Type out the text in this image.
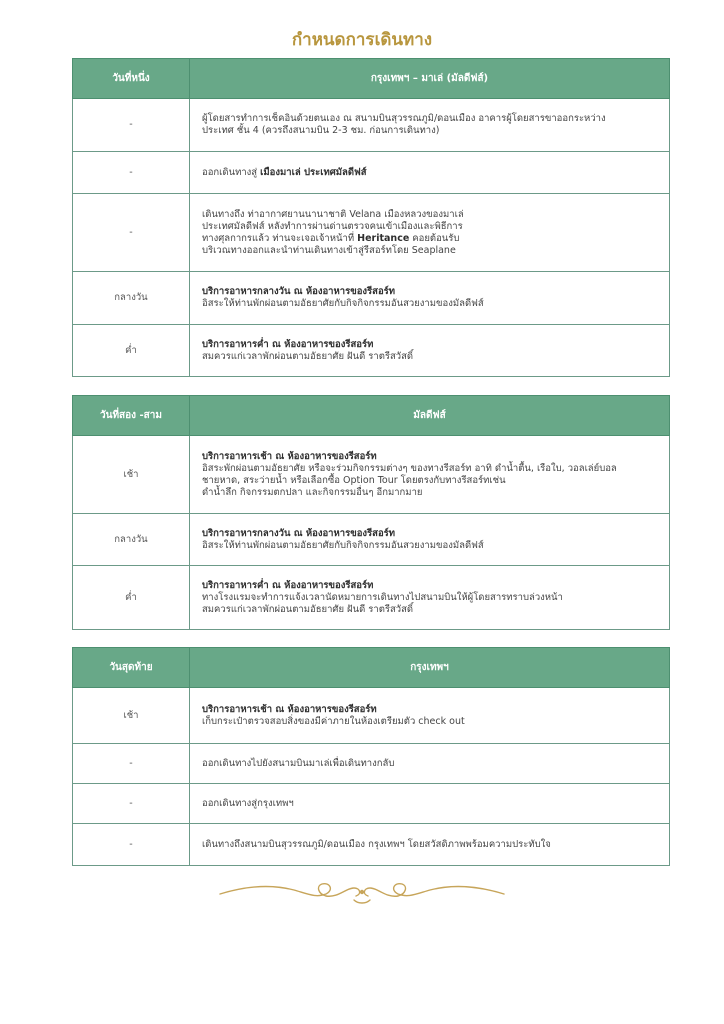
กำหนดการเดินทาง
วันที่หนึ่ง	กรุงเทพฯ – มาเล่ (มัลดีฟส์)
-	ผู้โดยสารทำการเช็คอินด้วยตนเอง ณ สนามบินสุวรรณภูมิ/ดอนเมือง อาคารผู้โดยสารขาออกระหว่าง
ประเทศ ชั้น 4 (ควรถึงสนามบิน 2-3 ชม. ก่อนการเดินทาง)

-	ออกเดินทางสู่ เมืองมาเล่ ประเทศมัลดีฟส์
-	เดินทางถึง ท่าอากาศยานนานาชาติ Velana เมืองหลวงของมาเล่
ประเทศมัลดีฟส์ หลังทำการผ่านด่านตรวจคนเข้าเมืองและพิธีการ
ทางศุลกากรแล้ว ท่านจะเจอเจ้าหน้าที่ Heritance คอยต้อนรับ
บริเวณทางออกและนำท่านเดินทางเข้าสู่รีสอร์ทโดย Seaplane

กลางวัน	บริการอาหารกลางวัน ณ ห้องอาหารของรีสอร์ท
อิสระให้ท่านพักผ่อนตามอัธยาศัยกับกิจกิจกรรมอันสวยงามของมัลดีฟส์

ค่ำ	บริการอาหารค่ำ ณ ห้องอาหารของรีสอร์ท
สมควรแก่เวลาพักผ่อนตามอัธยาศัย ฝันดี ราตรีสวัสดิ์
วันที่สอง -สาม	มัลดีฟส์
เช้า	บริการอาหารเช้า ณ ห้องอาหารของรีสอร์ท
อิสระพักผ่อนตามอัธยาศัย หรือจะร่วมกิจกรรมต่างๆ ของทางรีสอร์ท อาทิ ดำน้ำตื้น, เรือใบ, วอลเล่ย์บอล
ชายหาด, สระว่ายน้ำ หรือเลือกซื้อ Option Tour โดยตรงกับทางรีสอร์ทเช่น
ดำน้ำลึก กิจกรรมตกปลา และกิจกรรมอื่นๆ อีกมากมาย

กลางวัน	บริการอาหารกลางวัน ณ ห้องอาหารของรีสอร์ท
อิสระให้ท่านพักผ่อนตามอัธยาศัยกับกิจกิจกรรมอันสวยงามของมัลดีฟส์

ค่ำ	บริการอาหารค่ำ ณ ห้องอาหารของรีสอร์ท
ทางโรงแรมจะทำการแจ้งเวลานัดหมายการเดินทางไปสนามบินให้ผู้โดยสารทราบล่วงหน้า
สมควรแก่เวลาพักผ่อนตามอัธยาศัย ฝันดี ราตรีสวัสดิ์
วันสุดท้าย	กรุงเทพฯ
เช้า	บริการอาหารเช้า ณ ห้องอาหารของรีสอร์ท
เก็บกระเป๋าตรวจสอบสิ่งของมีค่าภายในห้องเตรียมตัว check out

-	ออกเดินทางไปยังสนามบินมาเล่เพื่อเดินทางกลับ
-	ออกเดินทางสู่กรุงเทพฯ
-	เดินทางถึงสนามบินสุวรรณภูมิ/ดอนเมือง กรุงเทพฯ โดยสวัสดิภาพพร้อมความประทับใจ
